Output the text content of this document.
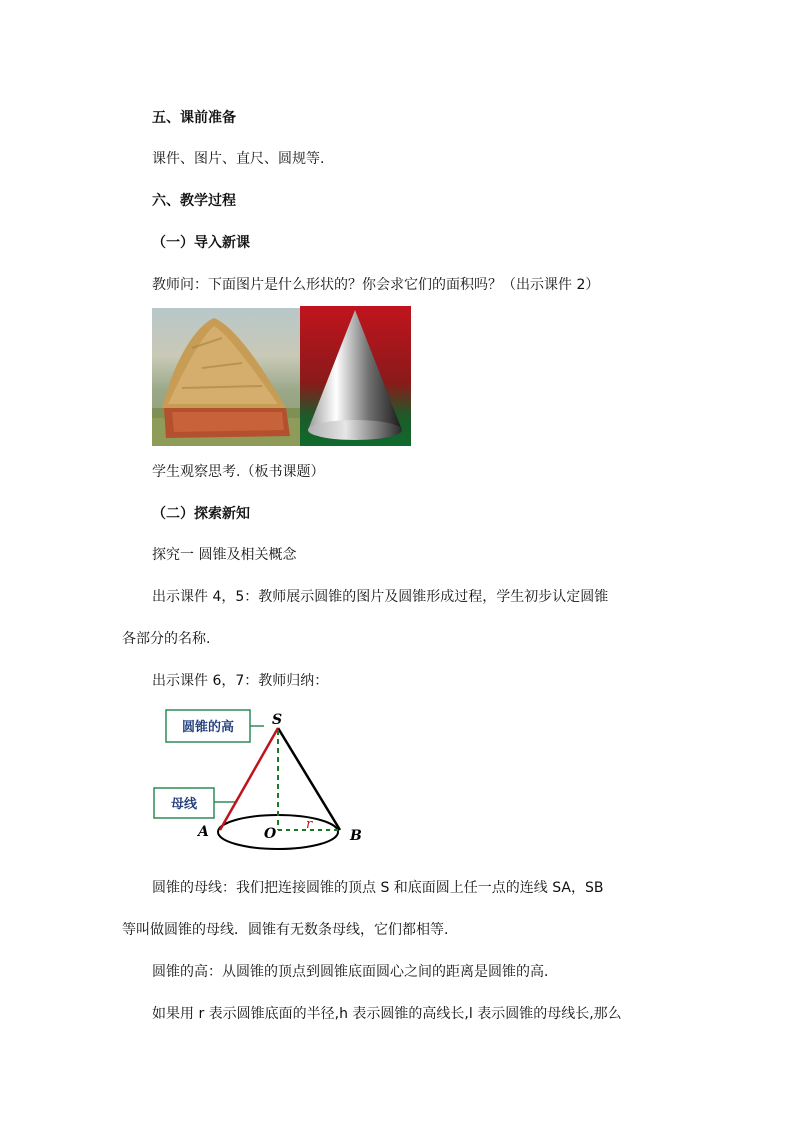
五、课前准备
课件、图片、直尺、圆规等.
六、教学过程
（一）导入新课
教师问：下面图片是什么形状的？你会求它们的面积吗？（出示课件 2）
学生观察思考.（板书课题）
（二）探索新知
探究一 圆锥及相关概念
出示课件 4，5：教师展示圆锥的图片及圆锥形成过程，学生初步认定圆锥
各部分的名称.
出示课件 6，7：教师归纳：
圆锥的高
母线
S
A	O	B
r
圆锥的母线：我们把连接圆锥的顶点 S 和底面圆上任一点的连线 SA，SB
等叫做圆锥的母线．圆锥有无数条母线，它们都相等.
圆锥的高：从圆锥的顶点到圆锥底面圆心之间的距离是圆锥的高．
如果用 r 表示圆锥底面的半径,h 表示圆锥的高线长,l 表示圆锥的母线长,那么
